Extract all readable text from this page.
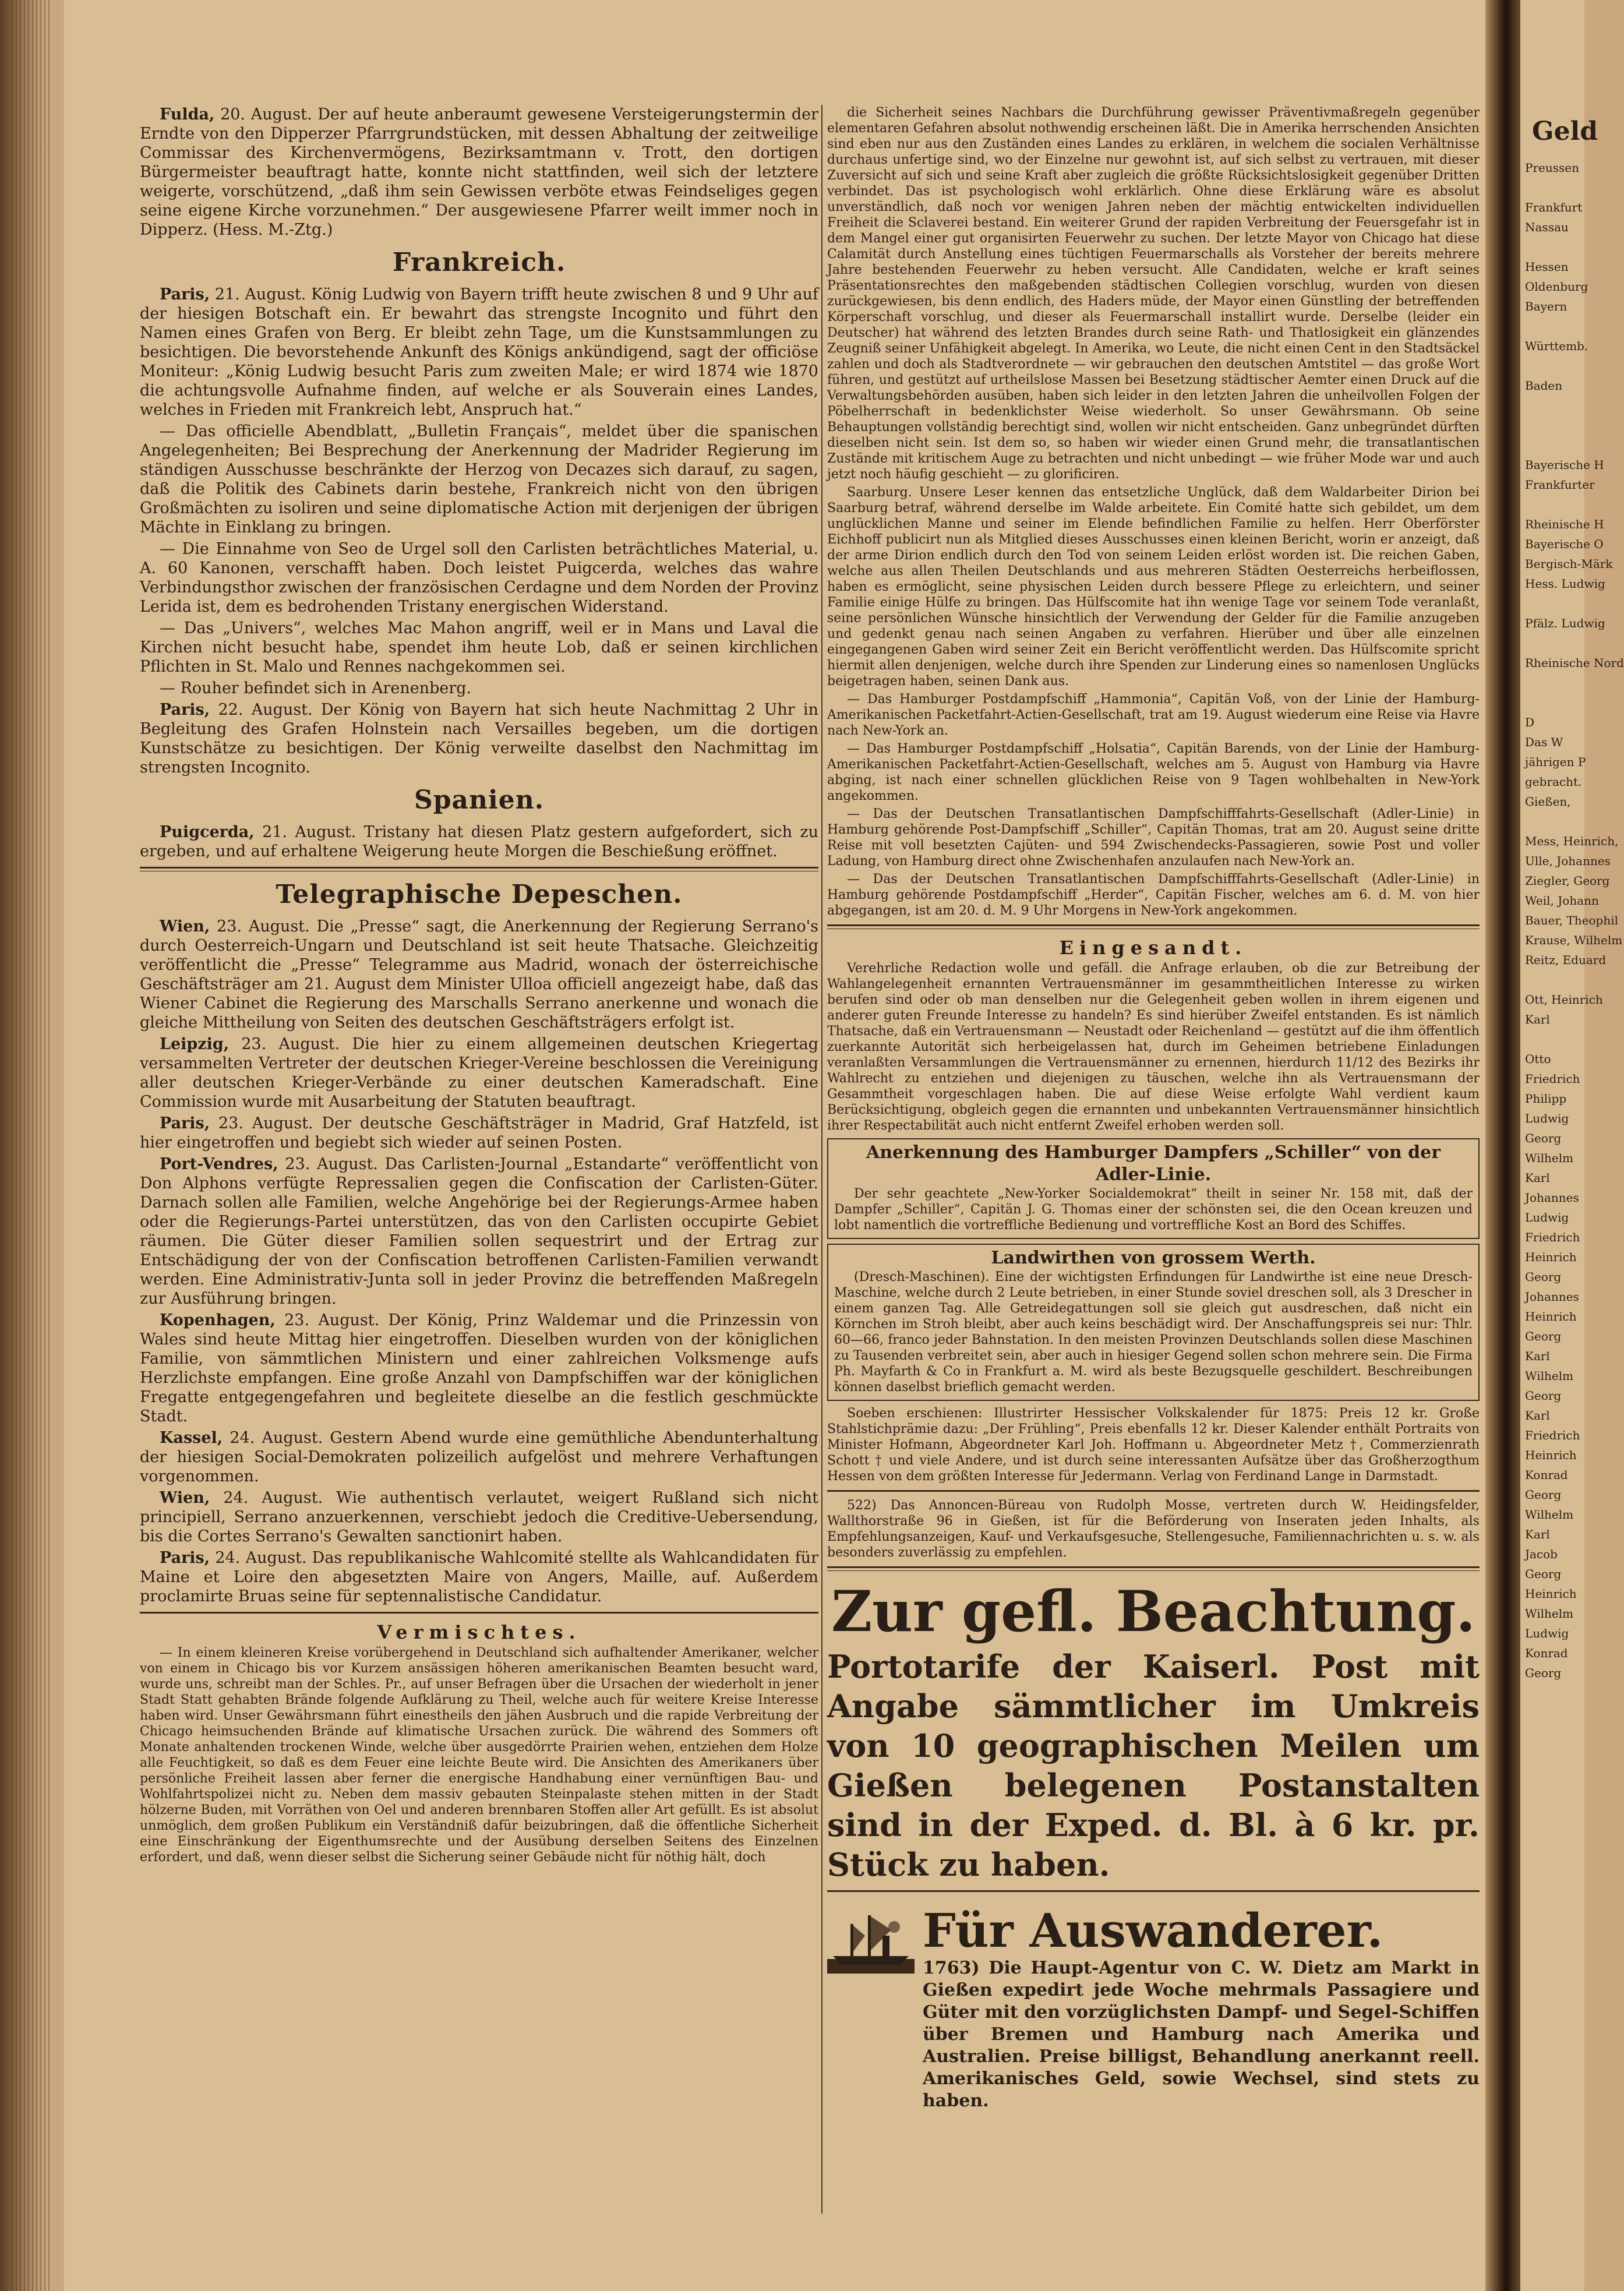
Geld
Preussen
Frankfurt
Nassau
Hessen
Oldenburg
Bayern
Württemb.
Baden
Bayerische H
Frankfurter
Rheinische H
Bayerische O
Bergisch-Märk
Hess. Ludwig
Pfälz. Ludwig
Rheinische Nord
D
Das W
jährigen P
gebracht.
Gießen,
Mess, Heinrich,
Ulle, Johannes
Ziegler, Georg
Weil, Johann
Bauer, Theophil
Krause, Wilhelm
Reitz, Eduard
Ott, Heinrich
Karl
Otto
Friedrich
Philipp
Ludwig
Georg
Wilhelm
Karl
Johannes
Ludwig
Friedrich
Heinrich
Georg
Johannes
Heinrich
Georg
Karl
Wilhelm
Georg
Karl
Friedrich
Heinrich
Konrad
Georg
Wilhelm
Karl
Jacob
Georg
Heinrich
Wilhelm
Ludwig
Konrad
Georg

Fulda, 20. August. Der auf heute anberaumt gewesene Versteigerungstermin der Erndte von den Dipperzer Pfarrgrundstücken, mit dessen Abhaltung der zeitweilige Commissar des Kirchenvermögens, Bezirksamtmann v. Trott, den dortigen Bürgermeister beauftragt hatte, konnte nicht stattfinden, weil sich der letztere weigerte, vorschützend, „daß ihm sein Gewissen verböte etwas Feindseliges gegen seine eigene Kirche vorzunehmen.“ Der ausgewiesene Pfarrer weilt immer noch in Dipperz. (Hess. M.-Ztg.)

Frankreich.

Paris, 21. August. König Ludwig von Bayern trifft heute zwischen 8 und 9 Uhr auf der hiesigen Botschaft ein. Er bewahrt das strengste Incognito und führt den Namen eines Grafen von Berg. Er bleibt zehn Tage, um die Kunstsammlungen zu besichtigen. Die bevorstehende Ankunft des Königs ankündigend, sagt der officiöse Moniteur: „König Ludwig besucht Paris zum zweiten Male; er wird 1874 wie 1870 die achtungsvolle Aufnahme finden, auf welche er als Souverain eines Landes, welches in Frieden mit Frankreich lebt, Anspruch hat.“

— Das officielle Abendblatt, „Bulletin Français“, meldet über die spanischen Angelegenheiten; Bei Besprechung der Anerkennung der Madrider Regierung im ständigen Ausschusse beschränkte der Herzog von Decazes sich darauf, zu sagen, daß die Politik des Cabinets darin bestehe, Frankreich nicht von den übrigen Großmächten zu isoliren und seine diplomatische Action mit derjenigen der übrigen Mächte in Einklang zu bringen.

— Die Einnahme von Seo de Urgel soll den Carlisten beträchtliches Material, u. A. 60 Kanonen, verschafft haben. Doch leistet Puigcerda, welches das wahre Verbindungsthor zwischen der französischen Cerdagne und dem Norden der Provinz Lerida ist, dem es bedrohenden Tristany energischen Widerstand.

— Das „Univers“, welches Mac Mahon angriff, weil er in Mans und Laval die Kirchen nicht besucht habe, spendet ihm heute Lob, daß er seinen kirchlichen Pflichten in St. Malo und Rennes nachgekommen sei.

— Rouher befindet sich in Arenenberg.

Paris, 22. August. Der König von Bayern hat sich heute Nachmittag 2 Uhr in Begleitung des Grafen Holnstein nach Versailles begeben, um die dortigen Kunstschätze zu besichtigen. Der König verweilte daselbst den Nachmittag im strengsten Incognito.

Spanien.

Puigcerda, 21. August. Tristany hat diesen Platz gestern aufgefordert, sich zu ergeben, und auf erhaltene Weigerung heute Morgen die Beschießung eröffnet.

Telegraphische Depeschen.

Wien, 23. August. Die „Presse“ sagt, die Anerkennung der Regierung Serrano's durch Oesterreich-Ungarn und Deutschland ist seit heute Thatsache. Gleichzeitig veröffentlicht die „Presse“ Telegramme aus Madrid, wonach der österreichische Geschäftsträger am 21. August dem Minister Ulloa officiell angezeigt habe, daß das Wiener Cabinet die Regierung des Marschalls Serrano anerkenne und wonach die gleiche Mittheilung von Seiten des deutschen Geschäftsträgers erfolgt ist.

Leipzig, 23. August. Die hier zu einem allgemeinen deutschen Kriegertag versammelten Vertreter der deutschen Krieger-Vereine beschlossen die Vereinigung aller deutschen Krieger-Verbände zu einer deutschen Kameradschaft. Eine Commission wurde mit Ausarbeitung der Statuten beauftragt.

Paris, 23. August. Der deutsche Geschäftsträger in Madrid, Graf Hatzfeld, ist hier eingetroffen und begiebt sich wieder auf seinen Posten.

Port-Vendres, 23. August. Das Carlisten-Journal „Estandarte“ veröffentlicht von Don Alphons verfügte Repressalien gegen die Confiscation der Carlisten-Güter. Darnach sollen alle Familien, welche Angehörige bei der Regierungs-Armee haben oder die Regierungs-Partei unterstützen, das von den Carlisten occupirte Gebiet räumen. Die Güter dieser Familien sollen sequestrirt und der Ertrag zur Entschädigung der von der Confiscation betroffenen Carlisten-Familien verwandt werden. Eine Administrativ-Junta soll in jeder Provinz die betreffenden Maßregeln zur Ausführung bringen.

Kopenhagen, 23. August. Der König, Prinz Waldemar und die Prinzessin von Wales sind heute Mittag hier eingetroffen. Dieselben wurden von der königlichen Familie, von sämmtlichen Ministern und einer zahlreichen Volksmenge aufs Herzlichste empfangen. Eine große Anzahl von Dampfschiffen war der königlichen Fregatte entgegengefahren und begleitete dieselbe an die festlich geschmückte Stadt.

Kassel, 24. August. Gestern Abend wurde eine gemüthliche Abendunterhaltung der hiesigen Social-Demokraten polizeilich aufgelöst und mehrere Verhaftungen vorgenommen.

Wien, 24. August. Wie authentisch verlautet, weigert Rußland sich nicht principiell, Serrano anzuerkennen, verschiebt jedoch die Creditive-Uebersendung, bis die Cortes Serrano's Gewalten sanctionirt haben.

Paris, 24. August. Das republikanische Wahlcomité stellte als Wahlcandidaten für Maine et Loire den abgesetzten Maire von Angers, Maille, auf. Außerdem proclamirte Bruas seine für septennalistische Candidatur.

Vermischtes.

— In einem kleineren Kreise vorübergehend in Deutschland sich aufhaltender Amerikaner, welcher von einem in Chicago bis vor Kurzem ansässigen höheren amerikanischen Beamten besucht ward, wurde uns, schreibt man der Schles. Pr., auf unser Befragen über die Ursachen der wiederholt in jener Stadt Statt gehabten Brände folgende Aufklärung zu Theil, welche auch für weitere Kreise Interesse haben wird. Unser Gewährsmann führt einestheils den jähen Ausbruch und die rapide Verbreitung der Chicago heimsuchenden Brände auf klimatische Ursachen zurück. Die während des Sommers oft Monate anhaltenden trockenen Winde, welche über ausgedörrte Prairien wehen, entziehen dem Holze alle Feuchtigkeit, so daß es dem Feuer eine leichte Beute wird. Die Ansichten des Amerikaners über persönliche Freiheit lassen aber ferner die energische Handhabung einer vernünftigen Bau- und Wohlfahrtspolizei nicht zu. Neben dem massiv gebauten Steinpalaste stehen mitten in der Stadt hölzerne Buden, mit Vorräthen von Oel und anderen brennbaren Stoffen aller Art gefüllt. Es ist absolut unmöglich, dem großen Publikum ein Verständniß dafür beizubringen, daß die öffentliche Sicherheit eine Einschränkung der Eigenthumsrechte und der Ausübung derselben Seitens des Einzelnen erfordert, und daß, wenn dieser selbst die Sicherung seiner Gebäude nicht für nöthig hält, doch

die Sicherheit seines Nachbars die Durchführung gewisser Präventivmaßregeln gegenüber elementaren Gefahren absolut nothwendig erscheinen läßt. Die in Amerika herrschenden Ansichten sind eben nur aus den Zuständen eines Landes zu erklären, in welchem die socialen Verhältnisse durchaus unfertige sind, wo der Einzelne nur gewohnt ist, auf sich selbst zu vertrauen, mit dieser Zuversicht auf sich und seine Kraft aber zugleich die größte Rücksichtslosigkeit gegenüber Dritten verbindet. Das ist psychologisch wohl erklärlich. Ohne diese Erklärung wäre es absolut unverständlich, daß noch vor wenigen Jahren neben der mächtig entwickelten individuellen Freiheit die Sclaverei bestand. Ein weiterer Grund der rapiden Verbreitung der Feuersgefahr ist in dem Mangel einer gut organisirten Feuerwehr zu suchen. Der letzte Mayor von Chicago hat diese Calamität durch Anstellung eines tüchtigen Feuermarschalls als Vorsteher der bereits mehrere Jahre bestehenden Feuerwehr zu heben versucht. Alle Candidaten, welche er kraft seines Präsentationsrechtes den maßgebenden städtischen Collegien vorschlug, wurden von diesen zurückgewiesen, bis denn endlich, des Haders müde, der Mayor einen Günstling der betreffenden Körperschaft vorschlug, und dieser als Feuermarschall installirt wurde. Derselbe (leider ein Deutscher) hat während des letzten Brandes durch seine Rath- und Thatlosigkeit ein glänzendes Zeugniß seiner Unfähigkeit abgelegt. In Amerika, wo Leute, die nicht einen Cent in den Stadtsäckel zahlen und doch als Stadtverordnete — wir gebrauchen den deutschen Amtstitel — das große Wort führen, und gestützt auf urtheilslose Massen bei Besetzung städtischer Aemter einen Druck auf die Verwaltungsbehörden ausüben, haben sich leider in den letzten Jahren die unheilvollen Folgen der Pöbelherrschaft in bedenklichster Weise wiederholt. So unser Gewährsmann. Ob seine Behauptungen vollständig berechtigt sind, wollen wir nicht entscheiden. Ganz unbegründet dürften dieselben nicht sein. Ist dem so, so haben wir wieder einen Grund mehr, die transatlantischen Zustände mit kritischem Auge zu betrachten und nicht unbedingt — wie früher Mode war und auch jetzt noch häufig geschieht — zu glorificiren.

Saarburg. Unsere Leser kennen das entsetzliche Unglück, daß dem Waldarbeiter Dirion bei Saarburg betraf, während derselbe im Walde arbeitete. Ein Comité hatte sich gebildet, um dem unglücklichen Manne und seiner im Elende befindlichen Familie zu helfen. Herr Oberförster Eichhoff publicirt nun als Mitglied dieses Ausschusses einen kleinen Bericht, worin er anzeigt, daß der arme Dirion endlich durch den Tod von seinem Leiden erlöst worden ist. Die reichen Gaben, welche aus allen Theilen Deutschlands und aus mehreren Städten Oesterreichs herbeiflossen, haben es ermöglicht, seine physischen Leiden durch bessere Pflege zu erleichtern, und seiner Familie einige Hülfe zu bringen. Das Hülfscomite hat ihn wenige Tage vor seinem Tode veranlaßt, seine persönlichen Wünsche hinsichtlich der Verwendung der Gelder für die Familie anzugeben und gedenkt genau nach seinen Angaben zu verfahren. Hierüber und über alle einzelnen eingegangenen Gaben wird seiner Zeit ein Bericht veröffentlicht werden. Das Hülfscomite spricht hiermit allen denjenigen, welche durch ihre Spenden zur Linderung eines so namenlosen Unglücks beigetragen haben, seinen Dank aus.

— Das Hamburger Postdampfschiff „Hammonia“, Capitän Voß, von der Linie der Hamburg-Amerikanischen Packetfahrt-Actien-Gesellschaft, trat am 19. August wiederum eine Reise via Havre nach New-York an.

— Das Hamburger Postdampfschiff „Holsatia“, Capitän Barends, von der Linie der Hamburg-Amerikanischen Packetfahrt-Actien-Gesellschaft, welches am 5. August von Hamburg via Havre abging, ist nach einer schnellen glücklichen Reise von 9 Tagen wohlbehalten in New-York angekommen.

— Das der Deutschen Transatlantischen Dampfschifffahrts-Gesellschaft (Adler-Linie) in Hamburg gehörende Post-Dampfschiff „Schiller“, Capitän Thomas, trat am 20. August seine dritte Reise mit voll besetzten Cajüten- und 594 Zwischendecks-Passagieren, sowie Post und voller Ladung, von Hamburg direct ohne Zwischenhafen anzulaufen nach New-York an.

— Das der Deutschen Transatlantischen Dampfschifffahrts-Gesellschaft (Adler-Linie) in Hamburg gehörende Postdampfschiff „Herder“, Capitän Fischer, welches am 6. d. M. von hier abgegangen, ist am 20. d. M. 9 Uhr Morgens in New-York angekommen.

Eingesandt.

Verehrliche Redaction wolle und gefäll. die Anfrage erlauben, ob die zur Betreibung der Wahlangelegenheit ernannten Vertrauensmänner im gesammtheitlichen Interesse zu wirken berufen sind oder ob man denselben nur die Gelegenheit geben wollen in ihrem eigenen und anderer guten Freunde Interesse zu handeln? Es sind hierüber Zweifel entstanden. Es ist nämlich Thatsache, daß ein Vertrauensmann — Neustadt oder Reichenland — gestützt auf die ihm öffentlich zuerkannte Autorität sich herbeigelassen hat, durch im Geheimen betriebene Einladungen veranlaßten Versammlungen die Vertrauensmänner zu ernennen, hierdurch 11/12 des Bezirks ihr Wahlrecht zu entziehen und diejenigen zu täuschen, welche ihn als Vertrauensmann der Gesammtheit vorgeschlagen haben. Die auf diese Weise erfolgte Wahl verdient kaum Berücksichtigung, obgleich gegen die ernannten und unbekannten Vertrauensmänner hinsichtlich ihrer Respectabilität auch nicht entfernt Zweifel erhoben werden soll.

Anerkennung des Hamburger Dampfers „Schiller“ von der Adler-Linie.

Der sehr geachtete „New-Yorker Socialdemokrat“ theilt in seiner Nr. 158 mit, daß der Dampfer „Schiller“, Capitän J. G. Thomas einer der schönsten sei, die den Ocean kreuzen und lobt namentlich die vortreffliche Bedienung und vortreffliche Kost an Bord des Schiffes.

Landwirthen von grossem Werth.

(Dresch-Maschinen). Eine der wichtigsten Erfindungen für Landwirthe ist eine neue Dresch-Maschine, welche durch 2 Leute betrieben, in einer Stunde soviel dreschen soll, als 3 Drescher in einem ganzen Tag. Alle Getreidegattungen soll sie gleich gut ausdreschen, daß nicht ein Körnchen im Stroh bleibt, aber auch keins beschädigt wird. Der Anschaffungspreis sei nur: Thlr. 60—66, franco jeder Bahnstation. In den meisten Provinzen Deutschlands sollen diese Maschinen zu Tausenden verbreitet sein, aber auch in hiesiger Gegend sollen schon mehrere sein. Die Firma Ph. Mayfarth & Co in Frankfurt a. M. wird als beste Bezugsquelle geschildert. Beschreibungen können daselbst brieflich gemacht werden.

Soeben erschienen: Illustrirter Hessischer Volkskalender für 1875: Preis 12 kr. Große Stahlstichprämie dazu: „Der Frühling“, Preis ebenfalls 12 kr. Dieser Kalender enthält Portraits von Minister Hofmann, Abgeordneter Karl Joh. Hoffmann u. Abgeordneter Metz †, Commerzienrath Schott † und viele Andere, und ist durch seine interessanten Aufsätze über das Großherzogthum Hessen von dem größten Interesse für Jedermann. Verlag von Ferdinand Lange in Darmstadt.

522) Das Annoncen-Büreau von Rudolph Mosse, vertreten durch W. Heidingsfelder, Wallthorstraße 96 in Gießen, ist für die Beförderung von Inseraten jeden Inhalts, als Empfehlungsanzeigen, Kauf- und Verkaufsgesuche, Stellengesuche, Familiennachrichten u. s. w. als besonders zuverlässig zu empfehlen.

Zur gefl. Beachtung.
Portotarife der Kaiserl. Post mit Angabe sämmtlicher im Umkreis von 10 geographischen Meilen um Gießen belegenen Postanstalten sind in der Exped. d. Bl. à 6 kr. pr. Stück zu haben.
Für Auswanderer.

1763) Die Haupt-Agentur von C. W. Dietz am Markt in Gießen expedirt jede Woche mehrmals Passagiere und Güter mit den vorzüglichsten Dampf- und Segel-Schiffen über Bremen und Hamburg nach Amerika und Australien. Preise billigst, Behandlung anerkannt reell. Amerikanisches Geld, sowie Wechsel, sind stets zu haben.
